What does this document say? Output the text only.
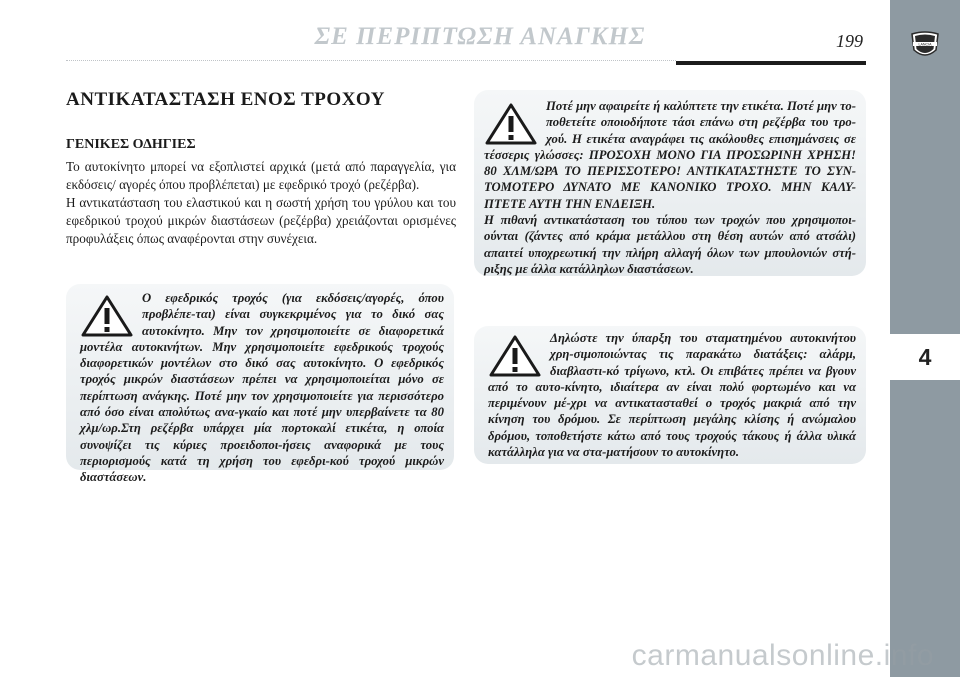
ΣΕ ΠΕΡΙΠΤΩΣΗ ΑΝΑΓΚΗΣ	199	LANCIA
4
ΑΝΤΙΚΑΤΑΣΤΑΣΗ ΕΝΟΣ ΤΡΟΧΟΥ
ΓΕΝΙΚΕΣ ΟΔΗΓΙΕΣ

Το αυτοκίνητο μπορεί να εξοπλιστεί αρχικά (μετά από παραγγελία, για εκδόσεις/ αγορές όπου προβλέπεται) με εφεδρικό τροχό (ρεζέρβα).

Η αντικατάσταση του ελαστικού και η σωστή χρήση του γρύλου και του εφεδρικού τροχού μικρών διαστάσεων (ρεζέρβα) χρειάζονται ορισμένες προφυλάξεις όπως αναφέρονται στην συνέχεια.

Ποτέ μην αφαιρείτε ή καλύπτετε την ετικέτα. Ποτέ μην το-ποθετείτε οποιοδήποτε τάσι επάνω στη ρεζέρβα του τρο-χού. Η ετικέτα αναγράφει τις ακόλουθες επισημάνσεις σε τέσσερις γλώσσες: ΠΡΟΣΟΧΗ ΜΟΝΟ ΓΙΑ ΠΡΟΣΩΡΙΝΗ ΧΡΗΣΗ! 80 ΧΛΜ/ΩΡΑ ΤΟ ΠΕΡΙΣΣΟΤΕΡΟ! ΑΝΤΙΚΑΤΑΣΤΗΣΤΕ ΤΟ ΣΥΝ-ΤΟΜΟΤΕΡΟ ΔΥΝΑΤΟ ΜΕ ΚΑΝΟΝΙΚΟ ΤΡΟΧΟ. ΜΗΝ ΚΑΛΥ-ΠΤΕΤΕ ΑΥΤΗ ΤΗΝ ΕΝΔΕΙΞΗ.

Η πιθανή αντικατάσταση του τύπου των τροχών που χρησιμοποι-ούνται (ζάντες από κράμα μετάλλου στη θέση αυτών από ατσάλι) απαιτεί υποχρεωτική την πλήρη αλλαγή όλων των μπουλονιών στή-ριξης με άλλα κατάλληλων διαστάσεων.

Ο εφεδρικός τροχός (για εκδόσεις/αγορές, όπου προβλέπε-ται) είναι συγκεκριμένος για το δικό σας αυτοκίνητο. Μην τον χρησιμοποιείτε σε διαφορετικά μοντέλα αυτοκινήτων. Μην χρησιμοποιείτε εφεδρικούς τροχούς διαφορετικών μοντέλων στο δικό σας αυτοκίνητο. Ο εφεδρικός τροχός μικρών διαστάσεων πρέπει να χρησιμοποιείται μόνο σε περίπτωση ανάγκης. Ποτέ μην τον χρησιμοποιείτε για περισσότερο από όσο είναι απολύτως ανα-γκαίο και ποτέ μην υπερβαίνετε τα 80 χλμ/ωρ.Στη ρεζέρβα υπάρχει μία πορτοκαλί ετικέτα, η οποία συνοψίζει τις κύριες προειδοποι-ήσεις αναφορικά με τους περιορισμούς κατά τη χρήση του εφεδρι-κού τροχού μικρών διαστάσεων.

Δηλώστε την ύπαρξη του σταματημένου αυτοκινήτου χρη-σιμοποιώντας τις παρακάτω διατάξεις: αλάρμ, διαβλαστι-κό τρίγωνο, κτλ. Οι επιβάτες πρέπει να βγουν από το αυτο-κίνητο, ιδιαίτερα αν είναι πολύ φορτωμένο και να περιμένουν μέ-χρι να αντικατασταθεί ο τροχός μακριά από την κίνηση του δρόμου. Σε περίπτωση μεγάλης κλίσης ή ανώμαλου δρόμου, τοποθετήστε κάτω από τους τροχούς τάκους ή άλλα υλικά κατάλληλα για να στα-ματήσουν το αυτοκίνητο.

carmanualsonline.info
